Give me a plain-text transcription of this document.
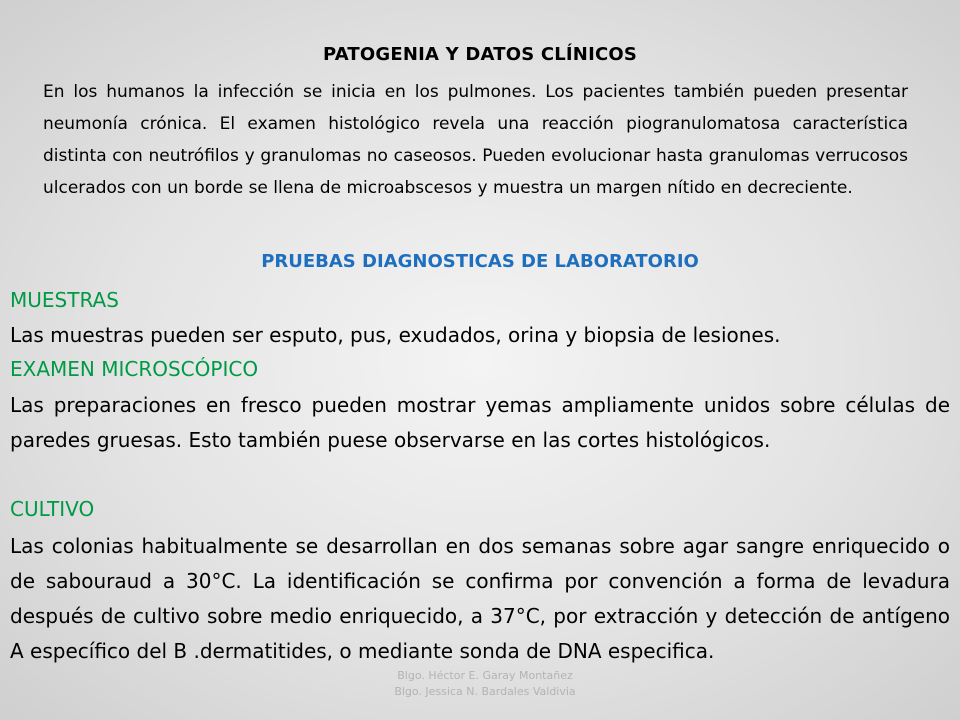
PATOGENIA Y DATOS CLÍNICOS

En los humanos la infección se inicia en los pulmones. Los pacientes también pueden presentar neumonía crónica. El examen histológico revela una reacción piogranulomatosa característica distinta con neutrófilos y granulomas no caseosos. Pueden evolucionar hasta granulomas verrucosos ulcerados con un borde se llena de microabscesos y muestra un margen nítido en decreciente.

PRUEBAS DIAGNOSTICAS DE LABORATORIO
MUESTRAS

Las muestras pueden ser esputo, pus, exudados, orina y biopsia de lesiones.

EXAMEN MICROSCÓPICO

Las preparaciones en fresco pueden mostrar yemas ampliamente unidos sobre células de paredes gruesas. Esto también puese observarse en las cortes histológicos.

CULTIVO

Las colonias habitualmente se desarrollan en dos semanas sobre agar sangre enriquecido o de sabouraud a 30°C. La identificación se confirma por convención a forma de levadura después de cultivo sobre medio enriquecido, a 37°C, por extracción y detección de antígeno A específico del B .dermatitides, o mediante sonda de DNA especifica.

Blgo. Héctor E. Garay Montañez
Blgo. Jessica N. Bardales Valdivia
